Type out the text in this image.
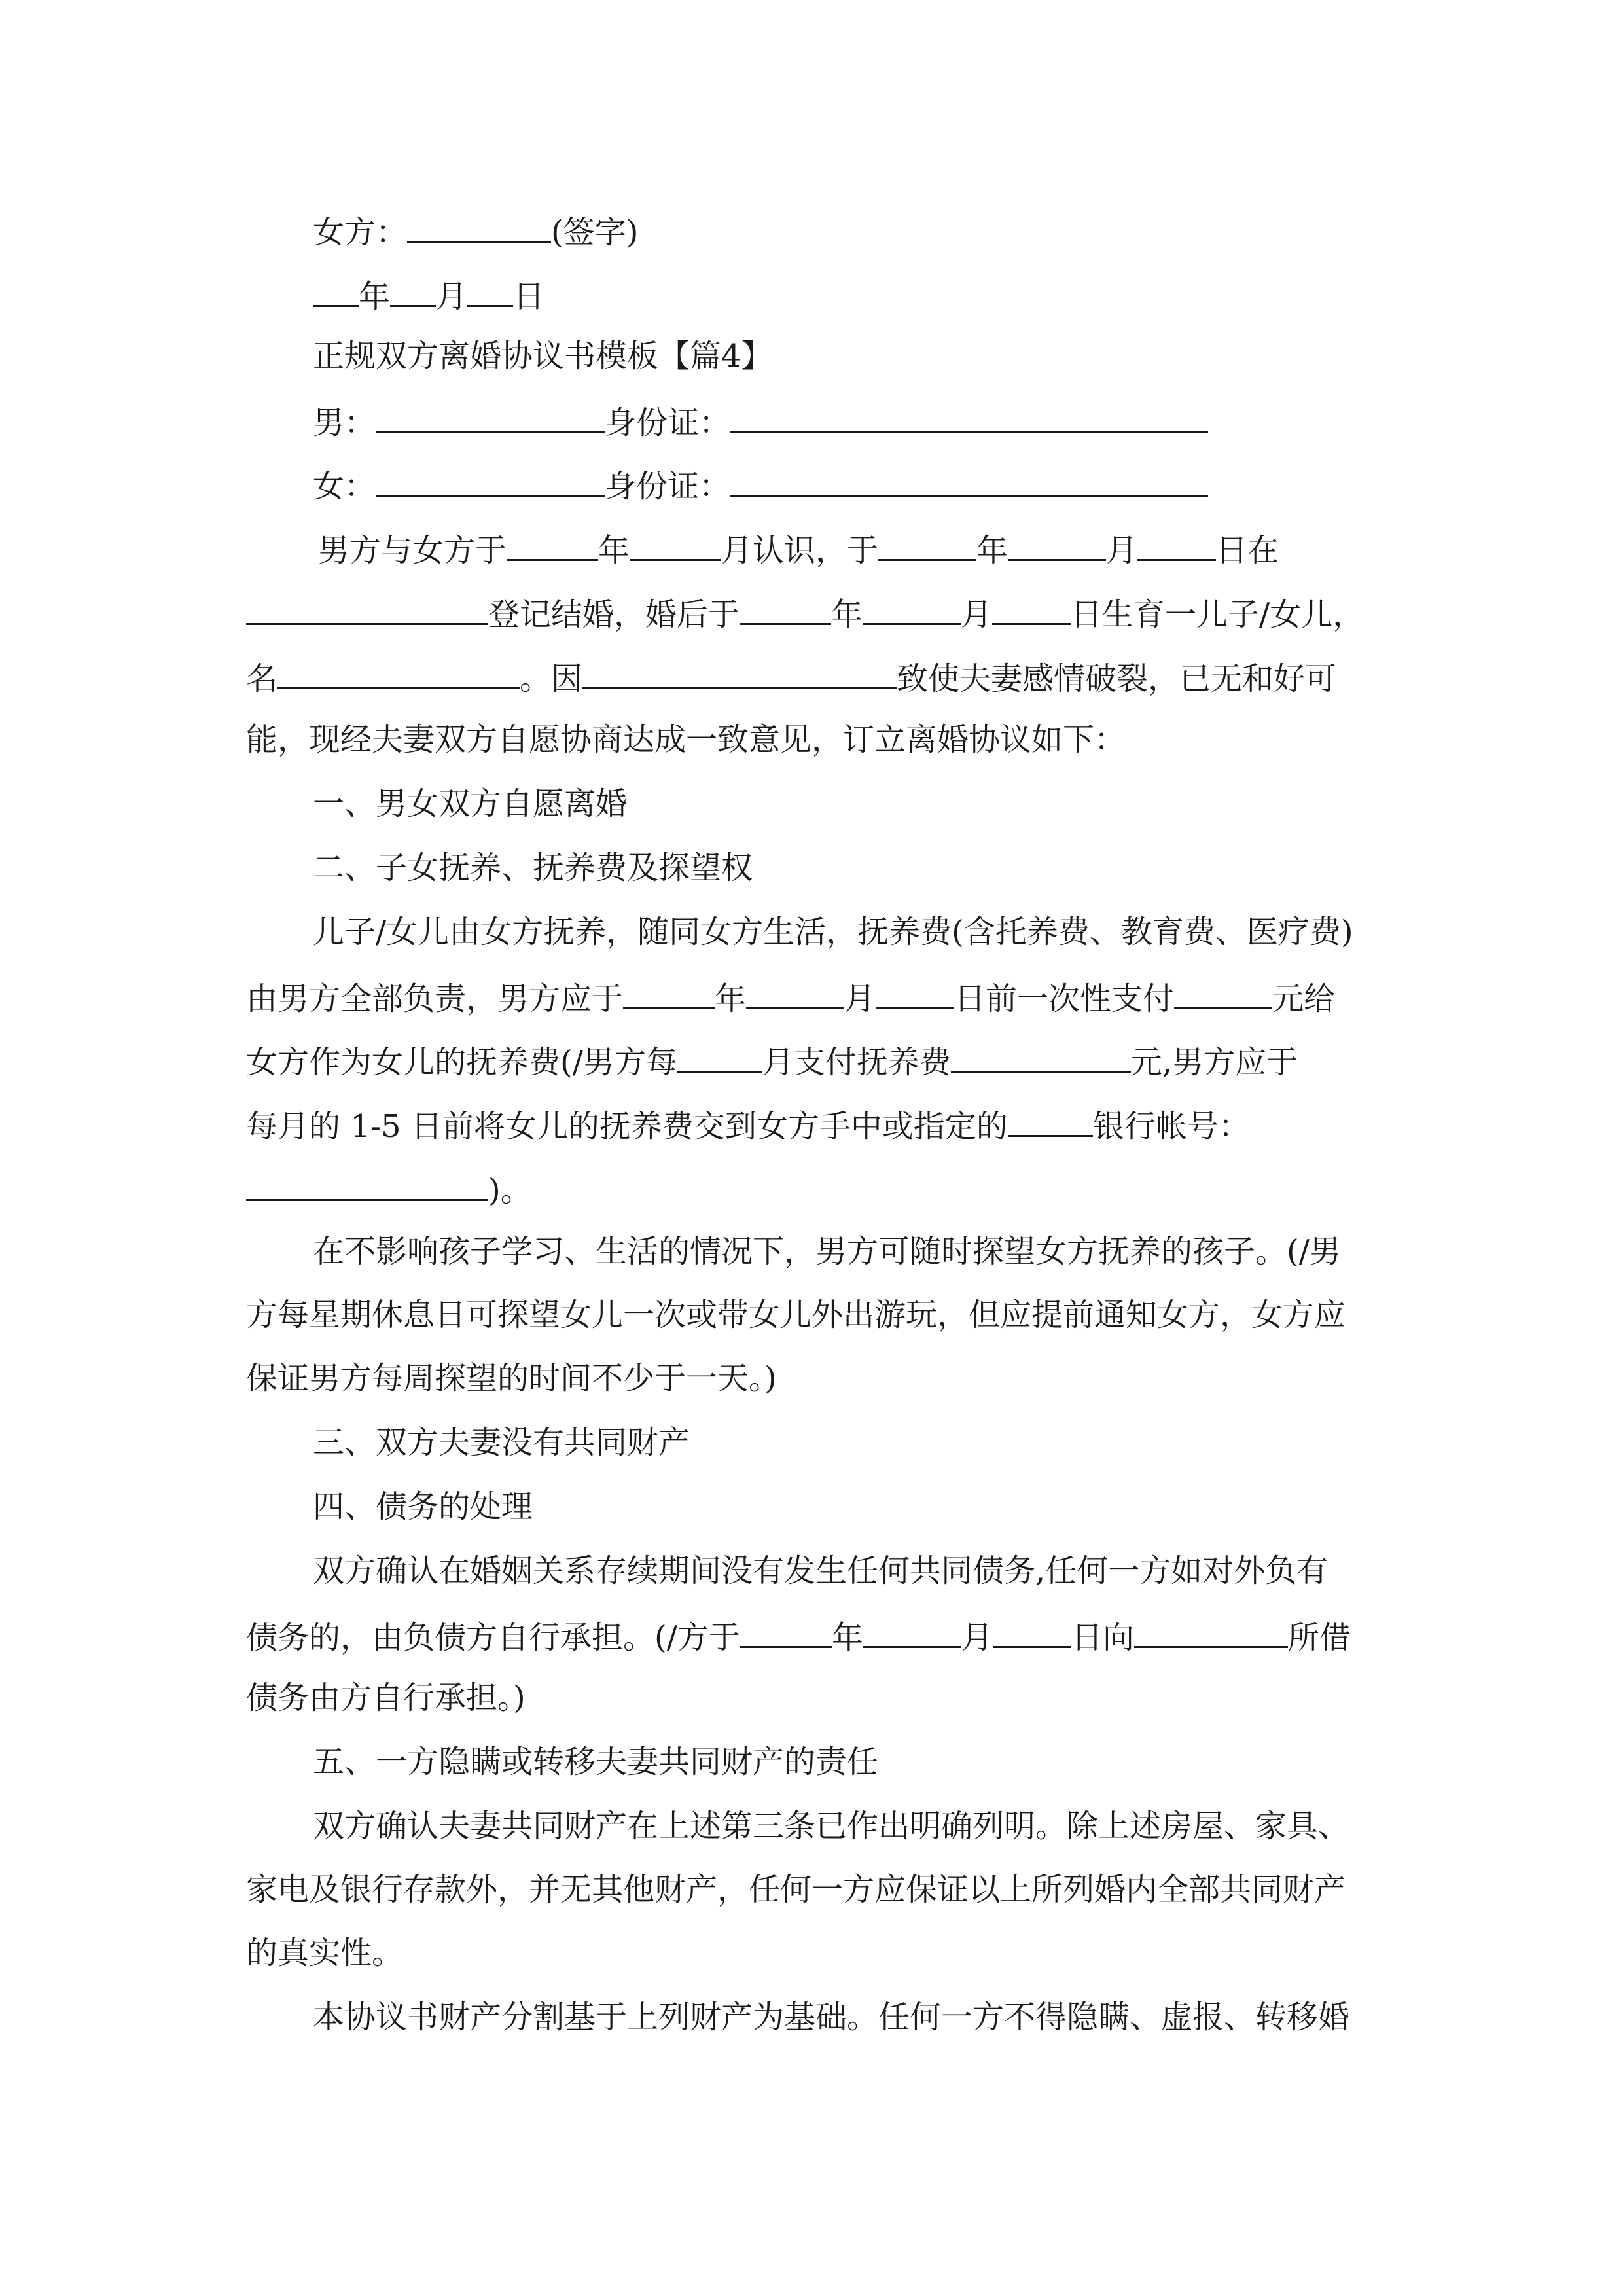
女方：	(签字)
年 月 日
正规双方离婚协议书模板【篇4】
男：	身份证：
女：	身份证：
男方与女方于	年	月认识，于	年	月	日在
登记结婚，婚后于	年	月	日生育一儿子/女儿，
名	。因	致使夫妻感情破裂，已无和好可
能，现经夫妻双方自愿协商达成一致意见，订立离婚协议如下：
一、男女双方自愿离婚
二、子女抚养、抚养费及探望权
儿子/女儿由女方抚养，随同女方生活，抚养费(含托养费、教育费、医疗费)
由男方全部负责，男方应于	年	月	日前一次性支付	元给
女方作为女儿的抚养费(/男方每	月支付抚养费	元,男方应于
每月的 1-5 日前将女儿的抚养费交到女方手中或指定的	银行帐号：
)。
在不影响孩子学习、生活的情况下，男方可随时探望女方抚养的孩子。(/男
方每星期休息日可探望女儿一次或带女儿外出游玩，但应提前通知女方，女方应
保证男方每周探望的时间不少于一天。)
三、双方夫妻没有共同财产
四、债务的处理
双方确认在婚姻关系存续期间没有发生任何共同债务,任何一方如对外负有
债务的，由负债方自行承担。(/方于	年	月	日向	所借
债务由方自行承担。)
五、一方隐瞒或转移夫妻共同财产的责任
双方确认夫妻共同财产在上述第三条已作出明确列明。除上述房屋、家具、
家电及银行存款外，并无其他财产，任何一方应保证以上所列婚内全部共同财产
的真实性。
本协议书财产分割基于上列财产为基础。任何一方不得隐瞒、虚报、转移婚
